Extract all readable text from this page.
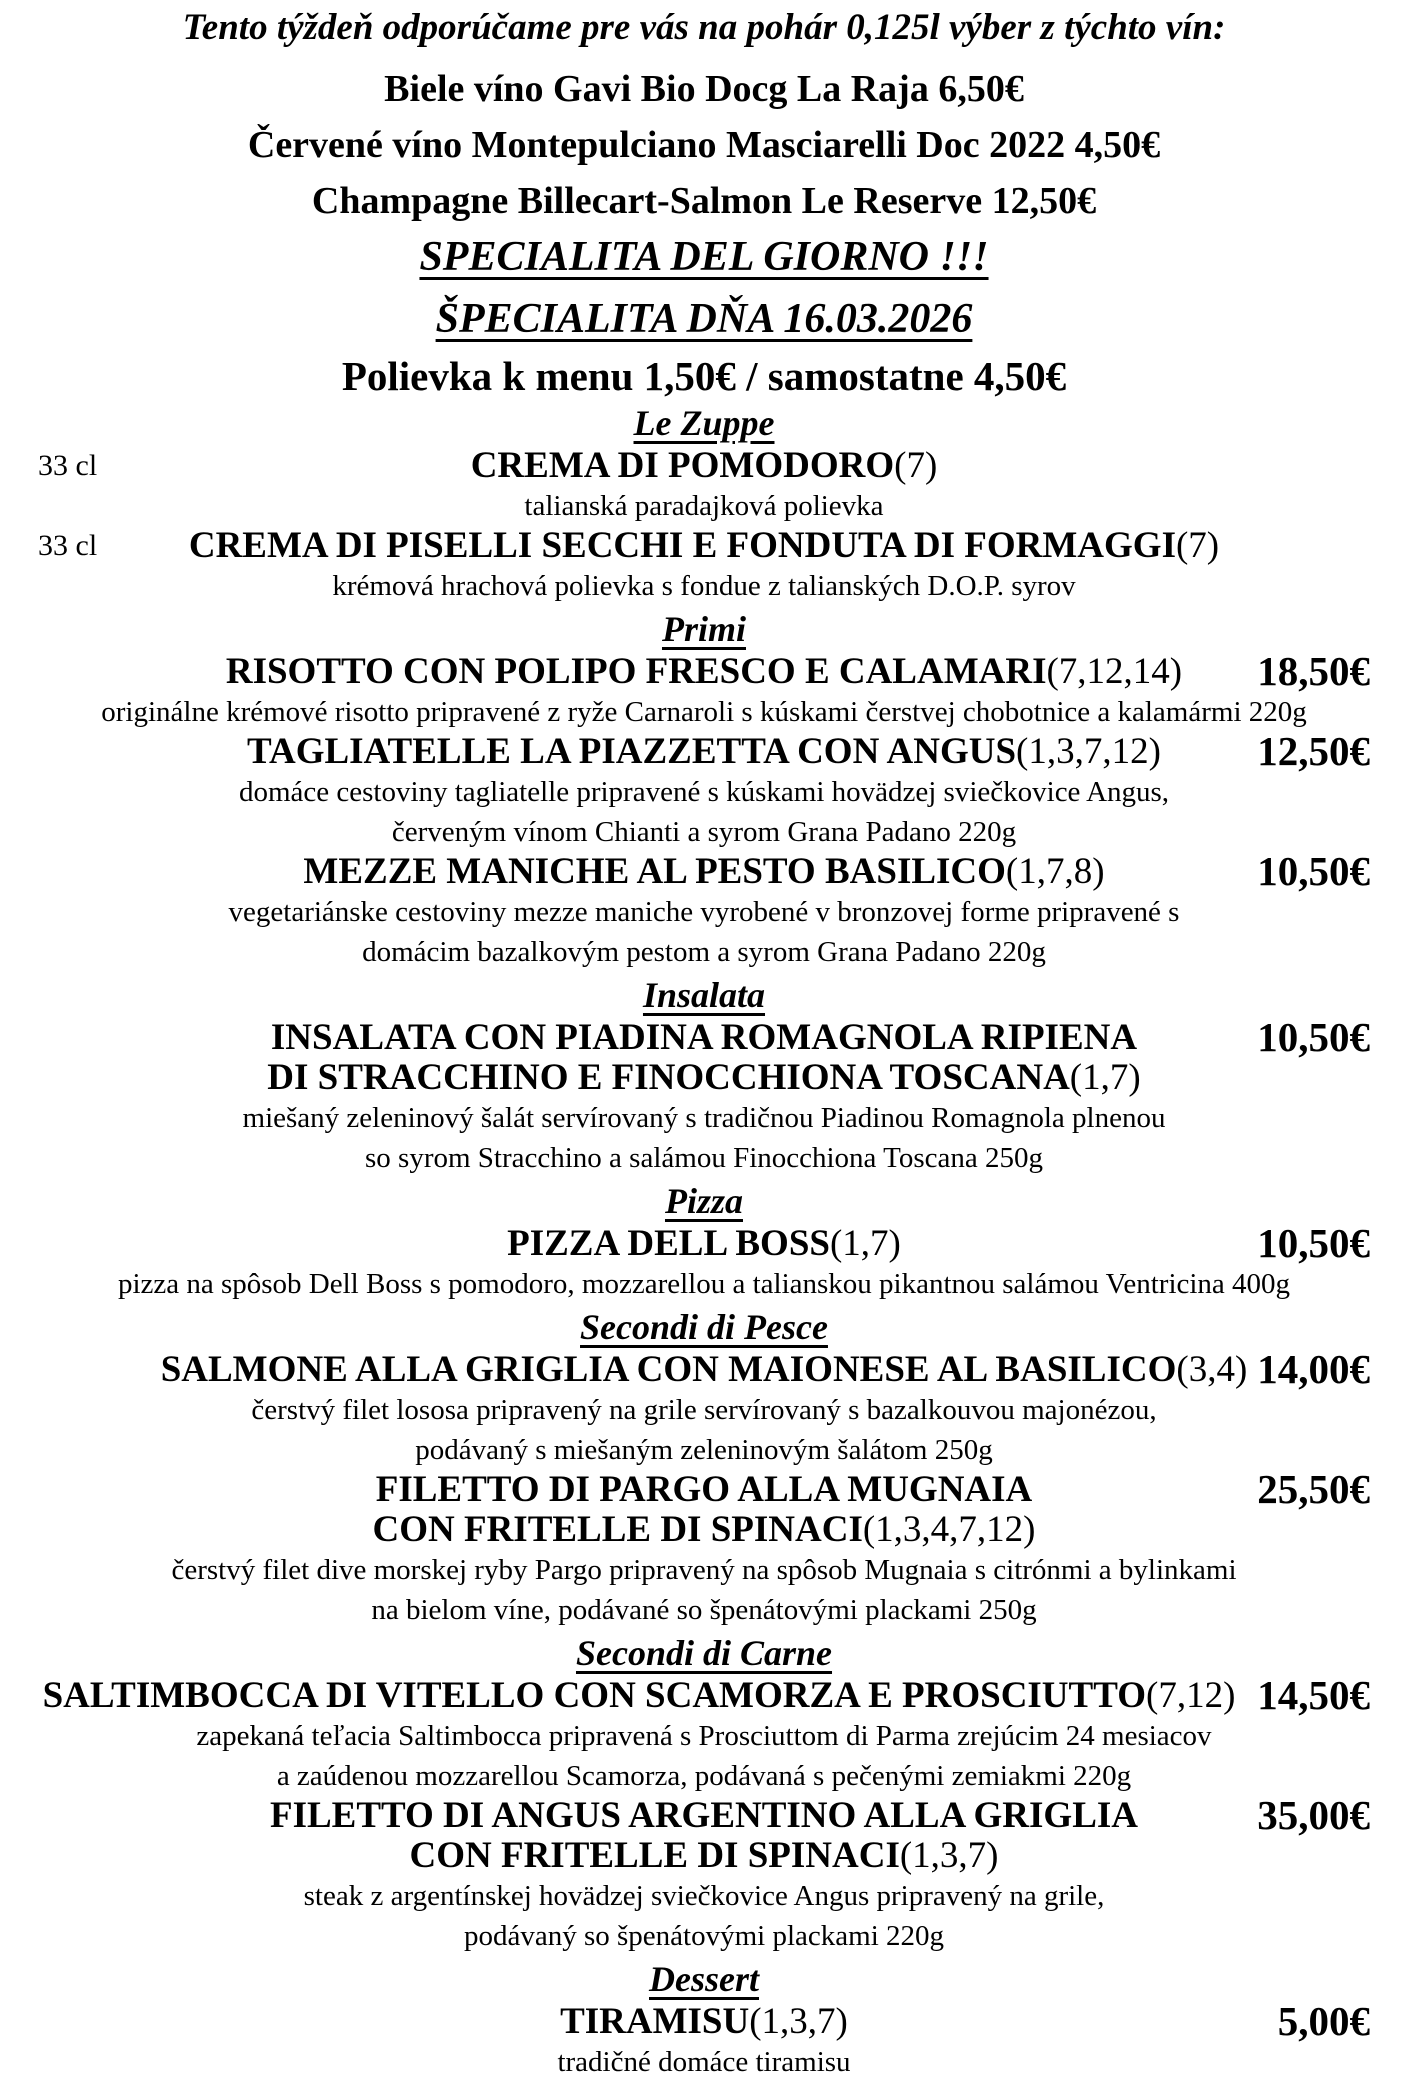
Tento týždeň odporúčame pre vás na pohár 0,125l výber z týchto vín:
Biele víno Gavi Bio Docg La Raja 6,50€
Červené víno Montepulciano Masciarelli Doc 2022 4,50€
Champagne Billecart-Salmon Le Reserve 12,50€
SPECIALITA DEL GIORNO !!!
ŠPECIALITA DŇA 16.03.2026
Polievka k menu 1,50€ / samostatne 4,50€
Le Zuppe
33 cl	CREMA DI POMODORO(7)
talianská paradajková polievka
33 cl	CREMA DI PISELLI SECCHI E FONDUTA DI FORMAGGI(7)
krémová hrachová polievka s fondue z talianských D.O.P. syrov
Primi
18,50€
RISOTTO CON POLIPO FRESCO E CALAMARI(7,12,14)
originálne krémové risotto pripravené z ryže Carnaroli s kúskami čerstvej chobotnice a kalamármi 220g
12,50€
TAGLIATELLE LA PIAZZETTA CON ANGUS(1,3,7,12)
domáce cestoviny tagliatelle pripravené s kúskami hovädzej sviečkovice Angus,
červeným vínom Chianti a syrom Grana Padano 220g
10,50€
MEZZE MANICHE AL PESTO BASILICO(1,7,8)
vegetariánske cestoviny mezze maniche vyrobené v bronzovej forme pripravené s
domácim bazalkovým pestom a syrom Grana Padano 220g
Insalata
10,50€
INSALATA CON PIADINA ROMAGNOLA RIPIENA
DI STRACCHINO E FINOCCHIONA TOSCANA(1,7)
miešaný zeleninový šalát servírovaný s tradičnou Piadinou Romagnola plnenou
so syrom Stracchino a salámou Finocchiona Toscana 250g
Pizza
10,50€
PIZZA DELL BOSS(1,7)
pizza na spôsob Dell Boss s pomodoro, mozzarellou a talianskou pikantnou salámou Ventricina 400g
Secondi di Pesce
14,00€
SALMONE ALLA GRIGLIA CON MAIONESE AL BASILICO(3,4)
čerstvý filet lososa pripravený na grile servírovaný s bazalkouvou majonézou,
podávaný s miešaným zeleninovým šalátom 250g
25,50€
FILETTO DI PARGO ALLA MUGNAIA
CON FRITELLE DI SPINACI(1,3,4,7,12)
čerstvý filet dive morskej ryby Pargo pripravený na spôsob Mugnaia s citrónmi a bylinkami
na bielom víne, podávané so špenátovými plackami 250g
Secondi di Carne
14,50€
SALTIMBOCCA DI VITELLO CON SCAMORZA E PROSCIUTTO(7,12)
zapekaná teľacia Saltimbocca pripravená s Prosciuttom di Parma zrejúcim 24 mesiacov
a zaúdenou mozzarellou Scamorza, podávaná s pečenými zemiakmi 220g
35,00€
FILETTO DI ANGUS ARGENTINO ALLA GRIGLIA
CON FRITELLE DI SPINACI(1,3,7)
steak z argentínskej hovädzej sviečkovice Angus pripravený na grile,
podávaný so špenátovými plackami 220g
Dessert
5,00€
TIRAMISU(1,3,7)
tradičné domáce tiramisu
